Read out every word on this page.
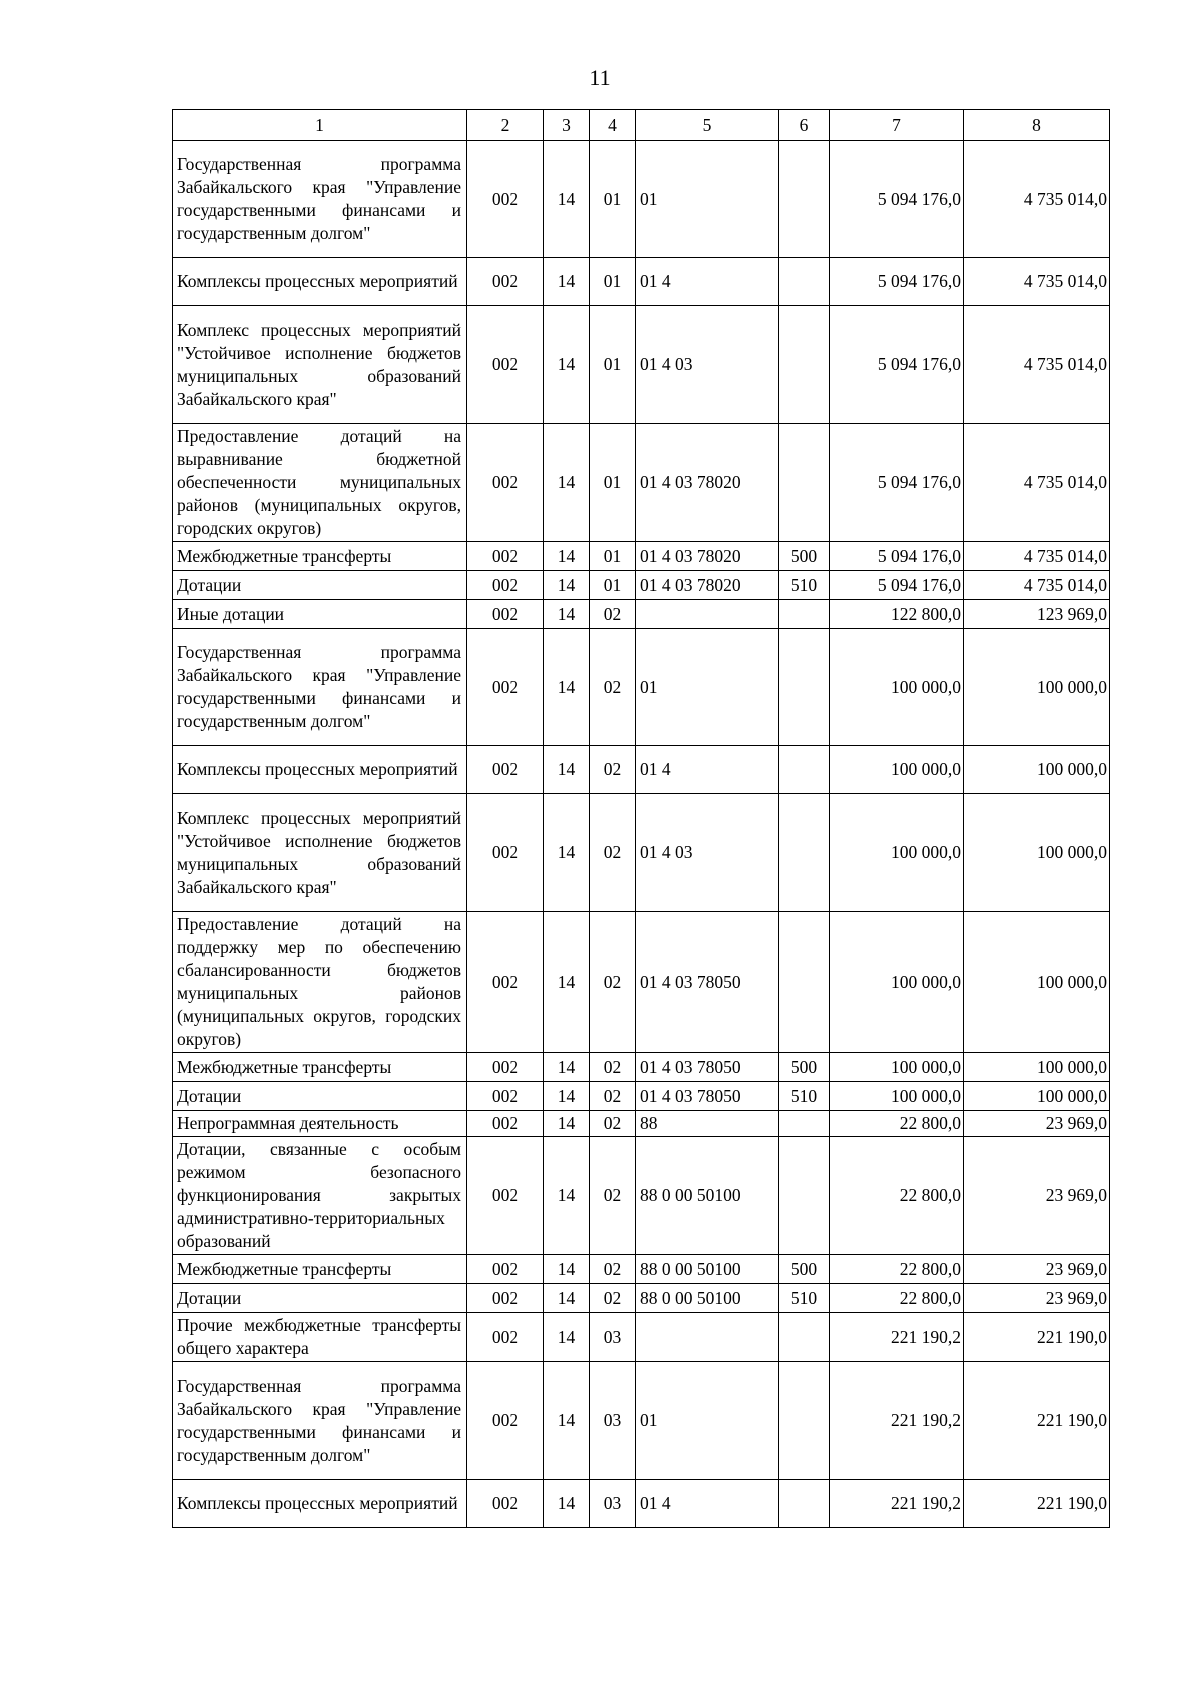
11
1	2	3	4	5	6	7	8
Государственная программа Забайкальского края "Управление государственными финансами и государственным долгом"	002	14	01	01		5 094 176,0	4 735 014,0
Комплексы процессных мероприятий	002	14	01	01 4		5 094 176,0	4 735 014,0
Комплекс процессных мероприятий "Устойчивое исполнение бюджетов муниципальных образований Забайкальского края"	002	14	01	01 4 03		5 094 176,0	4 735 014,0
Предоставление дотаций на выравнивание бюджетной обеспеченности муниципальных районов (муниципальных округов, городских округов)	002	14	01	01 4 03 78020		5 094 176,0	4 735 014,0
Межбюджетные трансферты	002	14	01	01 4 03 78020	500	5 094 176,0	4 735 014,0
Дотации	002	14	01	01 4 03 78020	510	5 094 176,0	4 735 014,0
Иные дотации	002	14	02			122 800,0	123 969,0
Государственная программа Забайкальского края "Управление государственными финансами и государственным долгом"	002	14	02	01		100 000,0	100 000,0
Комплексы процессных мероприятий	002	14	02	01 4		100 000,0	100 000,0
Комплекс процессных мероприятий "Устойчивое исполнение бюджетов муниципальных образований Забайкальского края"	002	14	02	01 4 03		100 000,0	100 000,0
Предоставление дотаций на поддержку мер по обеспечению сбалансированности бюджетов муниципальных районов (муниципальных округов, городских округов)	002	14	02	01 4 03 78050		100 000,0	100 000,0
Межбюджетные трансферты	002	14	02	01 4 03 78050	500	100 000,0	100 000,0
Дотации	002	14	02	01 4 03 78050	510	100 000,0	100 000,0
Непрограммная деятельность	002	14	02	88		22 800,0	23 969,0
Дотации, связанные с особым режимом безопасного функционирования закрытых административно-территориальных образований	002	14	02	88 0 00 50100		22 800,0	23 969,0
Межбюджетные трансферты	002	14	02	88 0 00 50100	500	22 800,0	23 969,0
Дотации	002	14	02	88 0 00 50100	510	22 800,0	23 969,0
Прочие межбюджетные трансферты общего характера	002	14	03			221 190,2	221 190,0
Государственная программа Забайкальского края "Управление государственными финансами и государственным долгом"	002	14	03	01		221 190,2	221 190,0
Комплексы процессных мероприятий	002	14	03	01 4		221 190,2	221 190,0
